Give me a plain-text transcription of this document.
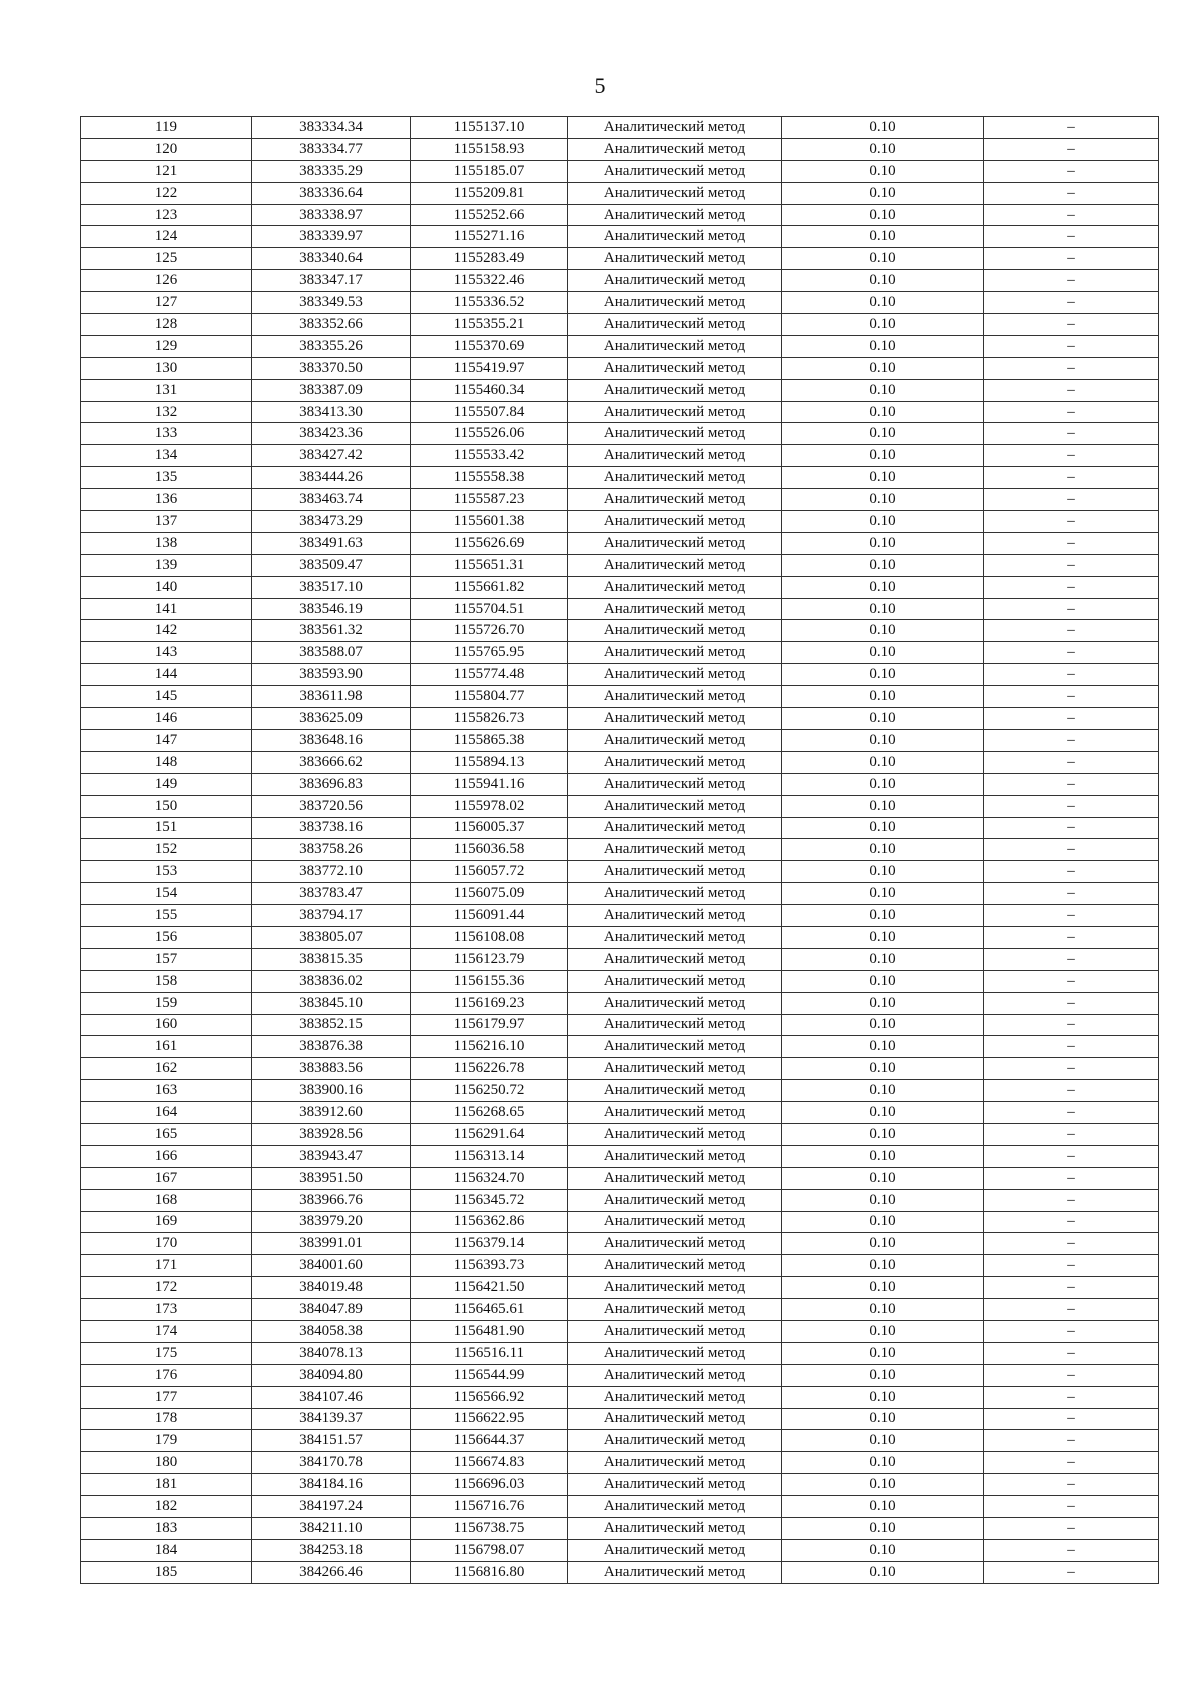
5
119	383334.34	1155137.10	Аналитический метод	0.10	–
120	383334.77	1155158.93	Аналитический метод	0.10	–
121	383335.29	1155185.07	Аналитический метод	0.10	–
122	383336.64	1155209.81	Аналитический метод	0.10	–
123	383338.97	1155252.66	Аналитический метод	0.10	–
124	383339.97	1155271.16	Аналитический метод	0.10	–
125	383340.64	1155283.49	Аналитический метод	0.10	–
126	383347.17	1155322.46	Аналитический метод	0.10	–
127	383349.53	1155336.52	Аналитический метод	0.10	–
128	383352.66	1155355.21	Аналитический метод	0.10	–
129	383355.26	1155370.69	Аналитический метод	0.10	–
130	383370.50	1155419.97	Аналитический метод	0.10	–
131	383387.09	1155460.34	Аналитический метод	0.10	–
132	383413.30	1155507.84	Аналитический метод	0.10	–
133	383423.36	1155526.06	Аналитический метод	0.10	–
134	383427.42	1155533.42	Аналитический метод	0.10	–
135	383444.26	1155558.38	Аналитический метод	0.10	–
136	383463.74	1155587.23	Аналитический метод	0.10	–
137	383473.29	1155601.38	Аналитический метод	0.10	–
138	383491.63	1155626.69	Аналитический метод	0.10	–
139	383509.47	1155651.31	Аналитический метод	0.10	–
140	383517.10	1155661.82	Аналитический метод	0.10	–
141	383546.19	1155704.51	Аналитический метод	0.10	–
142	383561.32	1155726.70	Аналитический метод	0.10	–
143	383588.07	1155765.95	Аналитический метод	0.10	–
144	383593.90	1155774.48	Аналитический метод	0.10	–
145	383611.98	1155804.77	Аналитический метод	0.10	–
146	383625.09	1155826.73	Аналитический метод	0.10	–
147	383648.16	1155865.38	Аналитический метод	0.10	–
148	383666.62	1155894.13	Аналитический метод	0.10	–
149	383696.83	1155941.16	Аналитический метод	0.10	–
150	383720.56	1155978.02	Аналитический метод	0.10	–
151	383738.16	1156005.37	Аналитический метод	0.10	–
152	383758.26	1156036.58	Аналитический метод	0.10	–
153	383772.10	1156057.72	Аналитический метод	0.10	–
154	383783.47	1156075.09	Аналитический метод	0.10	–
155	383794.17	1156091.44	Аналитический метод	0.10	–
156	383805.07	1156108.08	Аналитический метод	0.10	–
157	383815.35	1156123.79	Аналитический метод	0.10	–
158	383836.02	1156155.36	Аналитический метод	0.10	–
159	383845.10	1156169.23	Аналитический метод	0.10	–
160	383852.15	1156179.97	Аналитический метод	0.10	–
161	383876.38	1156216.10	Аналитический метод	0.10	–
162	383883.56	1156226.78	Аналитический метод	0.10	–
163	383900.16	1156250.72	Аналитический метод	0.10	–
164	383912.60	1156268.65	Аналитический метод	0.10	–
165	383928.56	1156291.64	Аналитический метод	0.10	–
166	383943.47	1156313.14	Аналитический метод	0.10	–
167	383951.50	1156324.70	Аналитический метод	0.10	–
168	383966.76	1156345.72	Аналитический метод	0.10	–
169	383979.20	1156362.86	Аналитический метод	0.10	–
170	383991.01	1156379.14	Аналитический метод	0.10	–
171	384001.60	1156393.73	Аналитический метод	0.10	–
172	384019.48	1156421.50	Аналитический метод	0.10	–
173	384047.89	1156465.61	Аналитический метод	0.10	–
174	384058.38	1156481.90	Аналитический метод	0.10	–
175	384078.13	1156516.11	Аналитический метод	0.10	–
176	384094.80	1156544.99	Аналитический метод	0.10	–
177	384107.46	1156566.92	Аналитический метод	0.10	–
178	384139.37	1156622.95	Аналитический метод	0.10	–
179	384151.57	1156644.37	Аналитический метод	0.10	–
180	384170.78	1156674.83	Аналитический метод	0.10	–
181	384184.16	1156696.03	Аналитический метод	0.10	–
182	384197.24	1156716.76	Аналитический метод	0.10	–
183	384211.10	1156738.75	Аналитический метод	0.10	–
184	384253.18	1156798.07	Аналитический метод	0.10	–
185	384266.46	1156816.80	Аналитический метод	0.10	–
